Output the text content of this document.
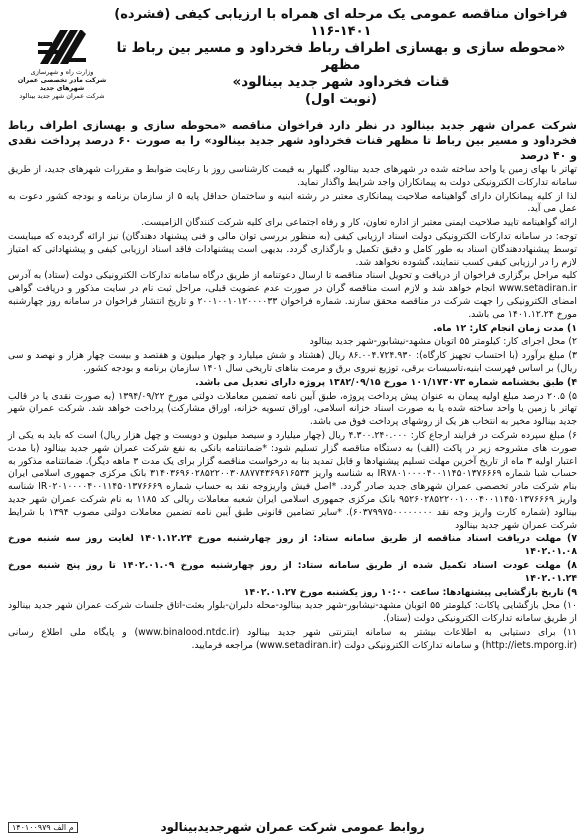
وزارت راه و شهرسازی
شرکت مادر تخصصی عمران شهرهای جدید
شرکت عمران شهر جدید بینالود
فراخوان مناقصه عمومی یک مرحله ای همراه با ارزیابی کیفی (فشرده) ۱۴۰۱-۱۱۶
«محوطه سازی و بهسازی اطراف رباط فخرداود و مسیر بین رباط تا مظهر
قنات فخرداود شهر جدید بینالود»
(نوبت اول)

شرکت عمران شهر جدید بینالود در نظر دارد فراخوان مناقصه «محوطه سازی و بهسازی اطراف رباط فخرداود و مسیر بین رباط تا مظهر قنات فخرداود شهر جدید بینالود» را به صورت ۶۰ درصد پرداخت نقدی و ۴۰ درصد

تهاتر با بهای زمین یا واحد ساخته شده در شهرهای جدید بینالود، گلبهار به قیمت کارشناسی روز با رعایت ضوابط و مقررات شهرهای جدید، از طریق سامانه تدارکات الکترونیکی دولت به پیمانکاران واجد شرایط واگذار نماید.

لذا از کلیه پیمانکاران دارای گواهینامه صلاحیت پیمانکاری معتبر در رشته ابنیه و ساختمان حداقل پایه ۵ از سازمان برنامه و بودجه کشور دعوت به عمل می آید.

ارائه گواهینامه تایید صلاحیت ایمنی معتبر از اداره تعاون، کار و رفاه اجتماعی برای کلیه شرکت کنندگان الزامیست.

توجه: در سامانه تدارکات الکترونیکی دولت اسناد ارزیابی کیفی (به منظور بررسی توان مالی و فنی پیشنهاد دهندگان) نیز ارائه گردیده که میبایست توسط پیشنهاددهندگان اسناد به طور کامل و دقیق تکمیل و بارگذاری گردد. بدیهی است پیشنهادات فاقد اسناد ارزیابی کیفی و پیشنهاداتی که امتیاز لازم را در ارزیابی کیفی کسب ننمایند، گشوده نخواهد شد.

کلیه مراحل برگزاری فراخوان از دریافت و تحویل اسناد مناقصه تا ارسال دعوتنامه از طریق درگاه سامانه تدارکات الکترونیکی دولت (ستاد) به آدرس www.setadiran.ir انجام خواهد شد و لازم است مناقصه گران در صورت عدم عضویت قبلی، مراحل ثبت نام در سایت مذکور و دریافت گواهی امضای الکترونیکی را جهت شرکت در مناقصه محقق سازند. شماره فراخوان ۲۰۰۱۰۰۱۰۱۲۰۰۰۰۳۳ و تاریخ انتشار فراخوان در سامانه روز چهارشنبه مورخ ۱۴۰۱.۱۲.۲۴ می باشد.

۱) مدت زمان انجام کار: ۱۲ ماه.

۲) محل اجرای کار: کیلومتر ۵۵ اتوبان مشهد-نیشابور-شهر جدید بینالود

۳) مبلغ برآورد (با احتساب تجهیز کارگاه): ۸۶.۰۰۴.۷۲۴.۹۳۰ ریال (هشتاد و شش میلیارد و چهار میلیون و هفتصد و بیست چهار هزار و نهصد و سی ریال) بر اساس فهرست ابنیه،تاسیسات برقی، توزیع نیروی برق و مرمت بناهای تاریخی سال ۱۴۰۱ سازمان برنامه و بودجه کشور.

۴) طبق بخشنامه شماره ۱۰۱/۱۷۳۰۷۳ مورخ ۱۳۸۲/۰۹/۱۵ پروژه دارای تعدیل می باشد.

۵) ۲۰.۵ درصد مبلغ اولیه پیمان به عنوان پیش پرداخت پروژه، طبق آیین نامه تضمین معاملات دولتی مورخ ۱۳۹۴/۰۹/۲۲ (به صورت نقدی یا در قالب تهاتر با زمین یا واحد ساخته شده یا به صورت اسناد خزانه اسلامی، اوراق تسویه خزانه، اوراق مشارکت) پرداخت خواهد شد. شرکت عمران شهر جدید بینالود مخیر به انتخاب هر یک از روشهای پرداخت فوق می باشد.

۶) مبلغ سپرده شرکت در فرایند ارجاع کار: ۴.۳۰۰.۲۴۰.۰۰۰ ریال (چهار میلیارد و سیصد میلیون و دویست و چهل هزار ریال) است که باید به یکی از صورت های مشروحه زیر در پاکت (الف) به دستگاه مناقصه گزار تسلیم شود: *ضمانتنامه بانکی به نفع شرکت عمران شهر جدید بینالود (با مدت اعتبار اولیه ۳ ماه از تاریخ آخرین مهلت تسلیم پیشنهادها و قابل تمدید بنا به درخواست مناقصه گزار برای یک مدت ۳ ماهه دیگر). ضمانتنامه مذکور به حساب شبا شماره IR۷۸۰۱۰۰۰۰۴۰۰۱۱۴۵۰۱۳۷۶۶۶۹ به شناسه واریز ۳۱۴۰۳۶۹۶۰۲۸۵۲۲۰۰۳۰۸۸۷۷۴۳۶۹۶۱۶۵۳۴ بانک مرکزی جمهوری اسلامی ایران بنام شرکت مادر تخصصی عمران شهرهای جدید صادر گردد. *اصل فیش واریزوجه نقد به حساب شماره IR۰۲۰۱۰۰۰۰۴۰۰۱۱۴۵۰۱۳۷۶۶۶۹ شناسه واریز ۹۵۲۶۰۲۸۵۲۲۰۰۱۰۰۰۴۰۰۱۱۴۵۰۱۳۷۶۶۶۹ بانک مرکزی جمهوری اسلامی ایران شعبه معاملات ریالی کد ۱۱۸۵ به نام شرکت عمران شهر جدید بینالود (شماره کارت واریز وجه نقد ۶۰۳۷۹۹۷۵۰۰۰۰۰۰۰۰). *سایر تضامین قانونی طبق آیین نامه تضمین معاملات دولتی مصوب ۱۳۹۴ با شرایط شرکت عمران شهر جدید بینالود

۷) مهلت دریافت اسناد مناقصه از طریق سامانه ستاد: از روز چهارشنبه مورخ ۱۴۰۱.۱۲.۲۴ لغایت روز سه شنبه مورخ ۱۴۰۲.۰۱.۰۸

۸) مهلت عودت اسناد تکمیل شده از طریق سامانه ستاد: از روز چهارشنبه مورخ ۱۴۰۲.۰۱.۰۹ تا روز پنج شنبه مورخ ۱۴۰۲.۰۱.۲۴

۹) تاریخ بازگشایی پیشنهادها: ساعت ۱۰:۰۰ روز یکشنبه مورخ ۱۴۰۲.۰۱.۲۷

۱۰) محل بازگشایی پاکات: کیلومتر ۵۵ اتوبان مشهد-نیشابور-شهر جدید بینالود-محله دلبران-بلوار بعثت-اتاق جلسات شرکت عمران شهر جدید بینالود از طریق سامانه تدارکات الکترونیکی دولت (ستاد).

۱۱) برای دستیابی به اطلاعات بیشتر به سامانه اینترنتی شهر جدید بینالود (www.binalood.ntdc.ir) و پایگاه ملی اطلاع رسانی (http://iets.mporg.ir) و سامانه تدارکات الکترونیکی دولت (www.setadiran.ir) مراجعه فرمایید.

روابط عمومی شرکت عمران شهرجدیدبینالود
م الف ۱۴۰۱۰۰۹۷۹
